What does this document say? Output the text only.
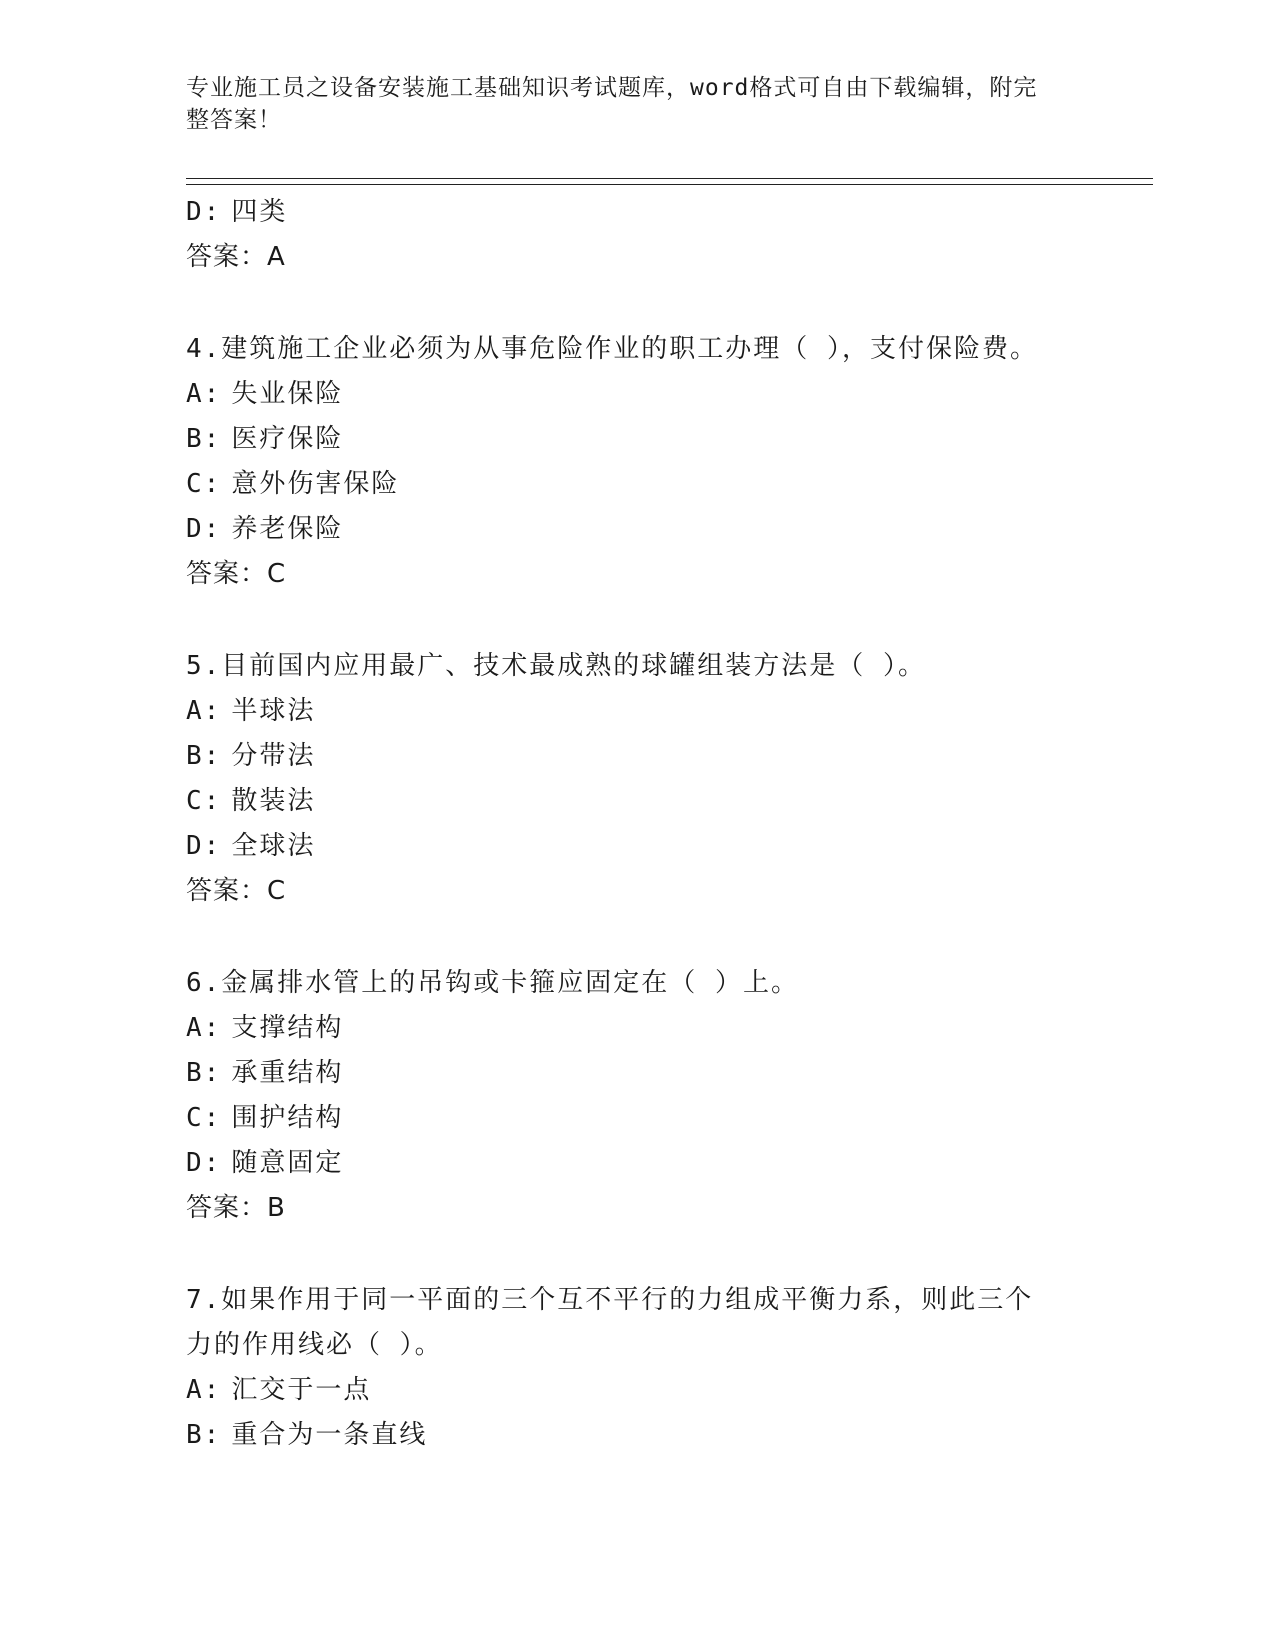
专业施工员之设备安装施工基础知识考试题库，word格式可自由下载编辑，附完
整答案！
D: 四类
答案：A
4.建筑施工企业必须为从事危险作业的职工办理（ ），支付保险费。
A: 失业保险
B: 医疗保险
C: 意外伤害保险
D: 养老保险
答案：C
5.目前国内应用最广、技术最成熟的球罐组装方法是（ ）。
A: 半球法
B: 分带法
C: 散装法
D: 全球法
答案：C
6.金属排水管上的吊钩或卡箍应固定在（ ）上。
A: 支撑结构
B: 承重结构
C: 围护结构
D: 随意固定
答案：B
7.如果作用于同一平面的三个互不平行的力组成平衡力系，则此三个
力的作用线必（ ）。
A: 汇交于一点
B: 重合为一条直线
